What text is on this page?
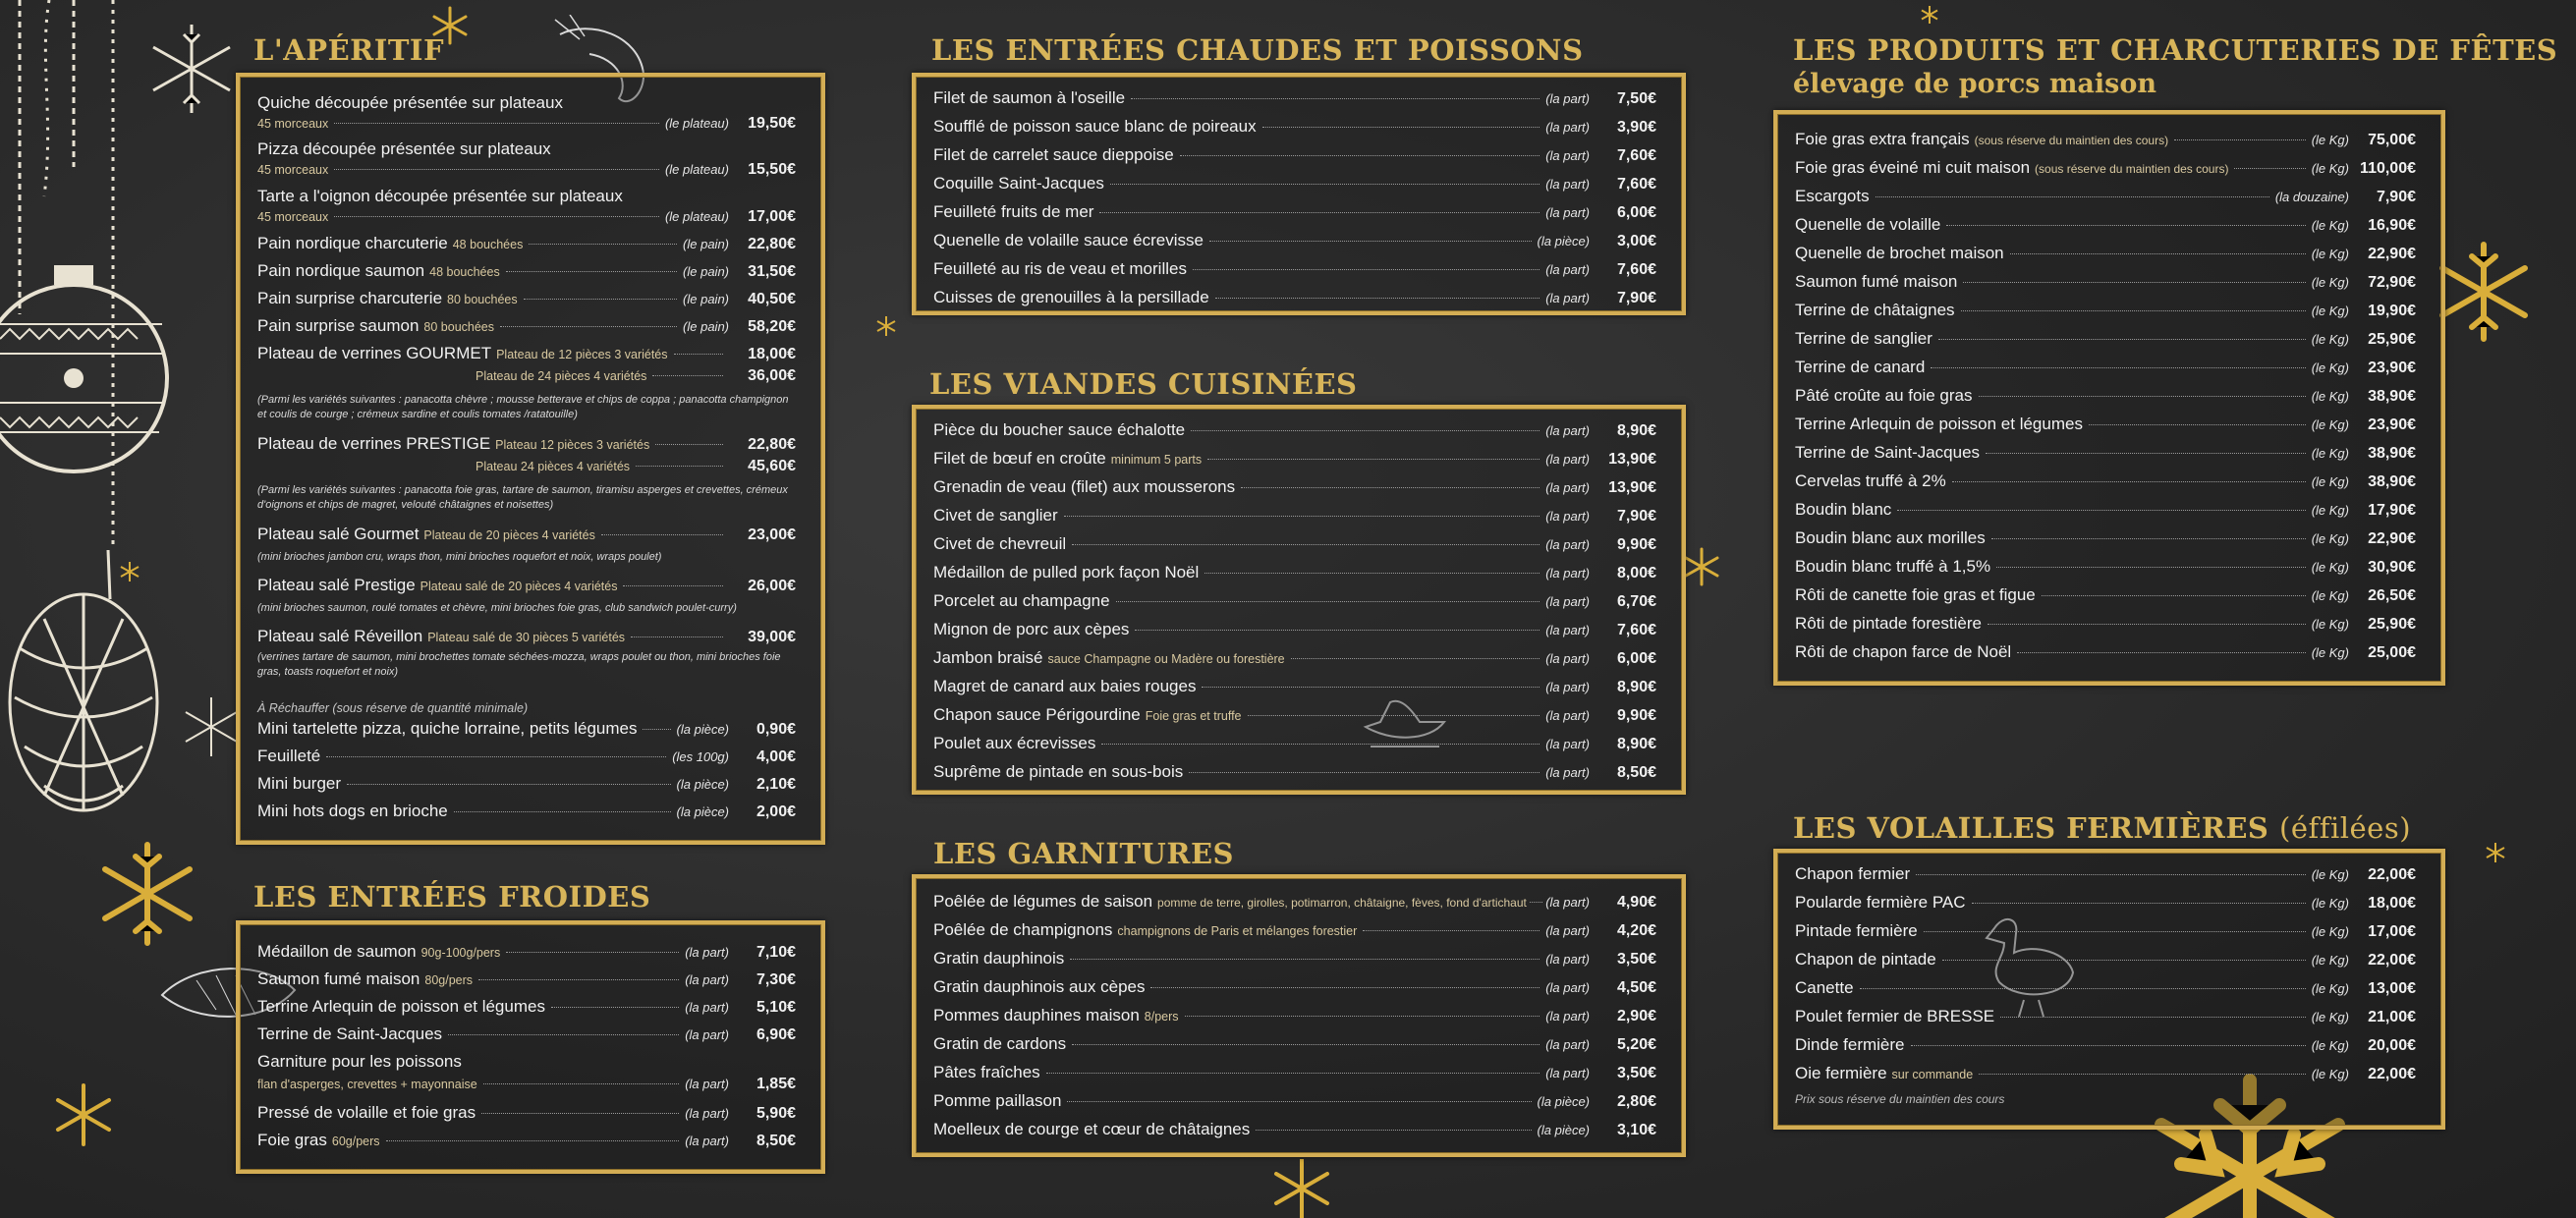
L'APÉRITIF
Quiche découpée présentée sur plateaux
45 morceaux	(le plateau)	19,50€
Pizza découpée présentée sur plateaux
45 morceaux	(le plateau)	15,50€
Tarte a l'oignon découpée présentée sur plateaux
45 morceaux	(le plateau)	17,00€
Pain nordique charcuterie 48 bouchées	(le pain)	22,80€
Pain nordique saumon 48 bouchées	(le pain)	31,50€
Pain surprise charcuterie 80 bouchées	(le pain)	40,50€
Pain surprise saumon 80 bouchées	(le pain)	58,20€
Plateau de verrines GOURMET Plateau de 12 pièces 3 variétés	18,00€
Plateau de 24 pièces 4 variétés	36,00€
(Parmi les variétés suivantes : panacotta chèvre ; mousse betterave et chips de coppa ; panacotta champignon et coulis de courge ; crémeux sardine et coulis tomates /ratatouille)
Plateau de verrines PRESTIGE Plateau 12 pièces 3 variétés	22,80€
Plateau 24 pièces 4 variétés	45,60€
(Parmi les variétés suivantes : panacotta foie gras, tartare de saumon, tiramisu asperges et crevettes, crémeux d'oignons et chips de magret, velouté châtaignes et noisettes)
Plateau salé Gourmet Plateau de 20 pièces 4 variétés	23,00€
(mini brioches jambon cru, wraps thon, mini brioches roquefort et noix, wraps poulet)
Plateau salé Prestige Plateau salé de 20 pièces 4 variétés	26,00€
(mini brioches saumon, roulé tomates et chèvre, mini brioches foie gras, club sandwich poulet-curry)
Plateau salé Réveillon Plateau salé de 30 pièces 5 variétés	39,00€
(verrines tartare de saumon, mini brochettes tomate séchées-mozza, wraps poulet ou thon, mini brioches foie gras, toasts roquefort et noix)
À Réchauffer (sous réserve de quantité minimale)
Mini tartelette pizza, quiche lorraine, petits légumes	(la pièce)	0,90€
Feuilleté	(les 100g)	4,00€
Mini burger	(la pièce)	2,10€
Mini hots dogs en brioche	(la pièce)	2,00€
LES ENTRÉES FROIDES
Médaillon de saumon 90g-100g/pers	(la part)	7,10€
Saumon fumé maison 80g/pers	(la part)	7,30€
Terrine Arlequin de poisson et légumes	(la part)	5,10€
Terrine de Saint-Jacques	(la part)	6,90€
Garniture pour les poissons
flan d'asperges, crevettes + mayonnaise	(la part)	1,85€
Pressé de volaille et foie gras	(la part)	5,90€
Foie gras 60g/pers	(la part)	8,50€
LES ENTRÉES CHAUDES ET POISSONS
Filet de saumon à l'oseille	(la part)	7,50€
Soufflé de poisson sauce blanc de poireaux	(la part)	3,90€
Filet de carrelet sauce dieppoise	(la part)	7,60€
Coquille Saint-Jacques	(la part)	7,60€
Feuilleté fruits de mer	(la part)	6,00€
Quenelle de volaille sauce écrevisse	(la pièce)	3,00€
Feuilleté au ris de veau et morilles	(la part)	7,60€
Cuisses de grenouilles à la persillade	(la part)	7,90€
LES VIANDES CUISINÉES
Pièce du boucher sauce échalotte	(la part)	8,90€
Filet de bœuf en croûte minimum 5 parts	(la part)	13,90€
Grenadin de veau (filet) aux mousserons	(la part)	13,90€
Civet de sanglier	(la part)	7,90€
Civet de chevreuil	(la part)	9,90€
Médaillon de pulled pork façon Noël	(la part)	8,00€
Porcelet au champagne	(la part)	6,70€
Mignon de porc aux cèpes	(la part)	7,60€
Jambon braisé sauce Champagne ou Madère ou forestière	(la part)	6,00€
Magret de canard aux baies rouges	(la part)	8,90€
Chapon sauce Périgourdine Foie gras et truffe	(la part)	9,90€
Poulet aux écrevisses	(la part)	8,90€
Suprême de pintade en sous-bois	(la part)	8,50€
LES GARNITURES
Poêlée de légumes de saison pomme de terre, girolles, potimarron, châtaigne, fèves, fond d'artichaut (la part)	4,90€
Poêlée de champignons champignons de Paris et mélanges forestier	(la part)	4,20€
Gratin dauphinois	(la part)	3,50€
Gratin dauphinois aux cèpes	(la part)	4,50€
Pommes dauphines maison 8/pers	(la part)	2,90€
Gratin de cardons	(la part)	5,20€
Pâtes fraîches	(la part)	3,50€
Pomme paillason	(la pièce)	2,80€
Moelleux de courge et cœur de châtaignes	(la pièce)	3,10€
LES PRODUITS ET CHARCUTERIES DE FÊTES
élevage de porcs maison
Foie gras extra français (sous réserve du maintien des cours)	(le Kg)	75,00€
Foie gras éveiné mi cuit maison (sous réserve du maintien des cours)	(le Kg) 110,00€
Escargots	(la douzaine)	7,90€
Quenelle de volaille	(le Kg)	16,90€
Quenelle de brochet maison	(le Kg)	22,90€
Saumon fumé maison	(le Kg)	72,90€
Terrine de châtaignes	(le Kg)	19,90€
Terrine de sanglier	(le Kg)	25,90€
Terrine de canard	(le Kg)	23,90€
Pâté croûte au foie gras	(le Kg)	38,90€
Terrine Arlequin de poisson et légumes	(le Kg)	23,90€
Terrine de Saint-Jacques	(le Kg)	38,90€
Cervelas truffé à 2%	(le Kg)	38,90€
Boudin blanc	(le Kg)	17,90€
Boudin blanc aux morilles	(le Kg)	22,90€
Boudin blanc truffé à 1,5%	(le Kg)	30,90€
Rôti de canette foie gras et figue	(le Kg)	26,50€
Rôti de pintade forestière	(le Kg)	25,90€
Rôti de chapon farce de Noël	(le Kg)	25,00€
LES VOLAILLES FERMIÈRES (éffilées)
Chapon fermier	(le Kg)	22,00€
Poularde fermière PAC	(le Kg)	18,00€
Pintade fermière	(le Kg)	17,00€
Chapon de pintade	(le Kg)	22,00€
Canette	(le Kg)	13,00€
Poulet fermier de BRESSE	(le Kg)	21,00€
Dinde fermière	(le Kg)	20,00€
Oie fermière sur commande	(le Kg)	22,00€
Prix sous réserve du maintien des cours
